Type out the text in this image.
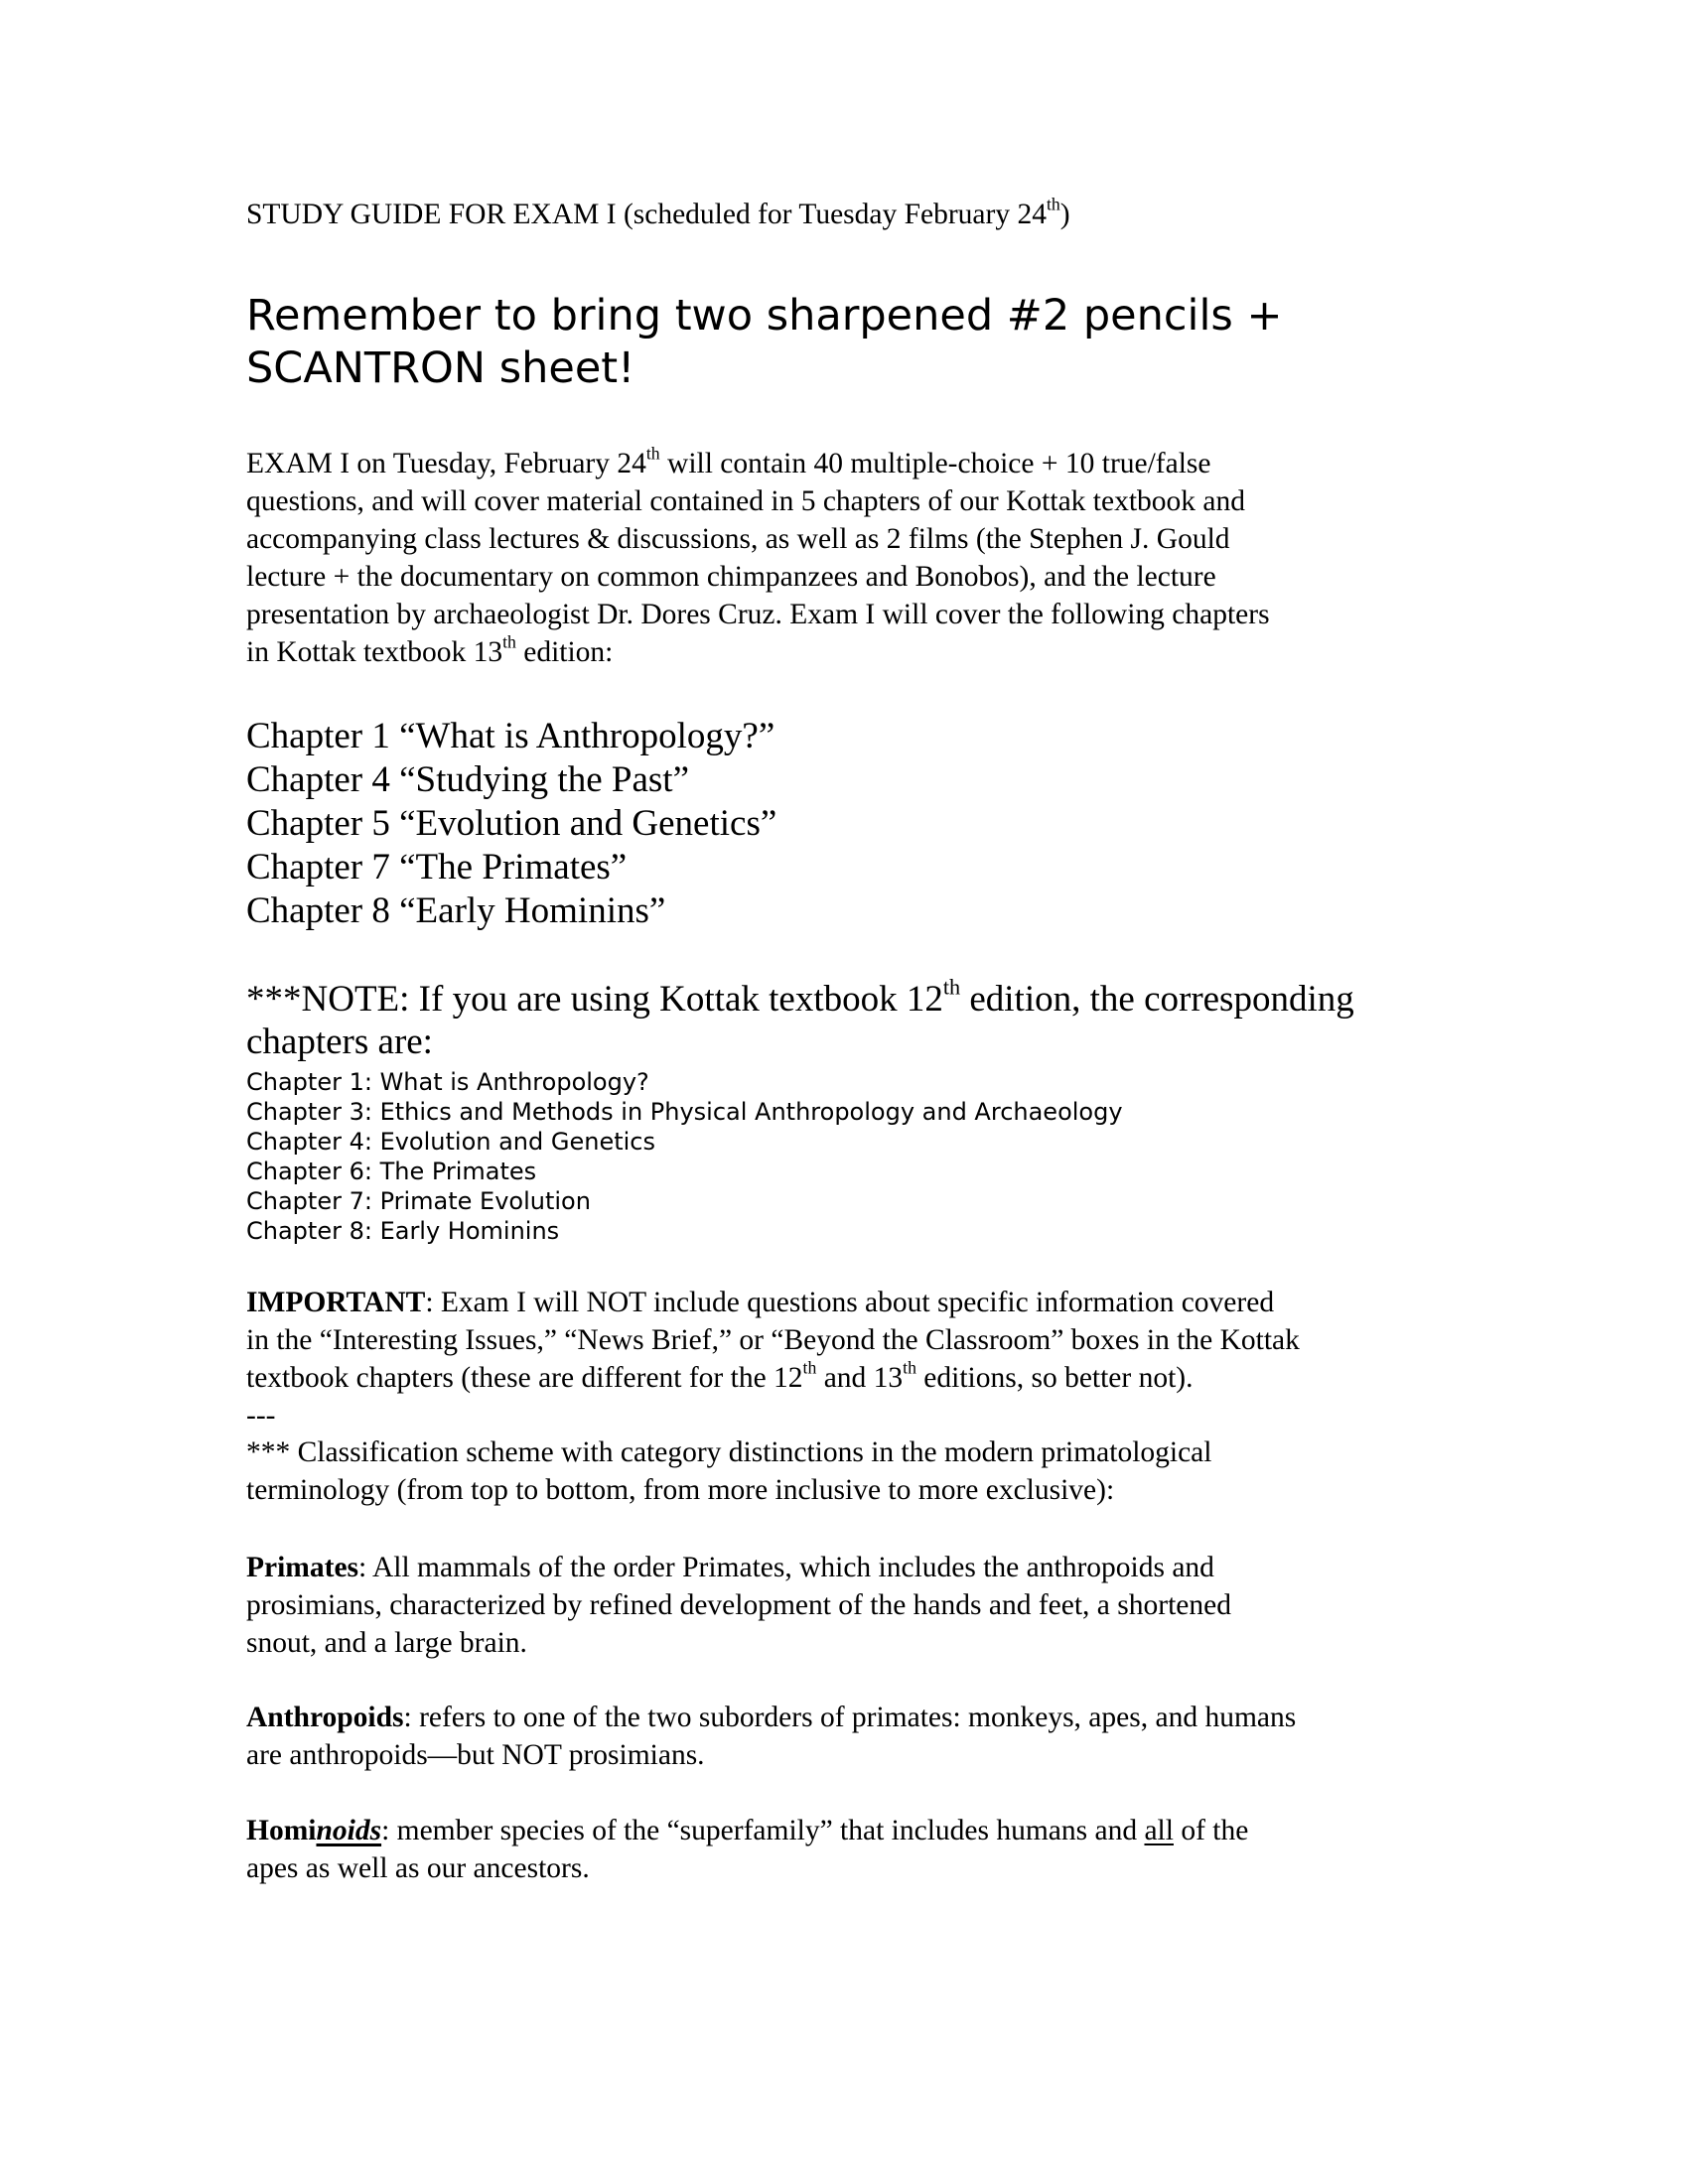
STUDY GUIDE FOR EXAM I (scheduled for Tuesday February 24th)
Remember to bring two sharpened #2 pencils +
SCANTRON sheet!
EXAM I on Tuesday, February 24th will contain 40 multiple-choice + 10 true/false
questions, and will cover material contained in 5 chapters of our Kottak textbook and
accompanying class lectures & discussions, as well as 2 films (the Stephen J. Gould
lecture + the documentary on common chimpanzees and Bonobos), and the lecture
presentation by archaeologist Dr. Dores Cruz. Exam I will cover the following chapters
in Kottak textbook 13th edition:
Chapter 1 “What is Anthropology?”
Chapter 4 “Studying the Past”
Chapter 5 “Evolution and Genetics”
Chapter 7 “The Primates”
Chapter 8 “Early Hominins”
***NOTE: If you are using Kottak textbook 12th edition, the corresponding
chapters are:
Chapter 1: What is Anthropology?
Chapter 3: Ethics and Methods in Physical Anthropology and Archaeology
Chapter 4: Evolution and Genetics
Chapter 6: The Primates
Chapter 7: Primate Evolution
Chapter 8: Early Hominins
IMPORTANT: Exam I will NOT include questions about specific information covered
in the “Interesting Issues,” “News Brief,” or “Beyond the Classroom” boxes in the Kottak
textbook chapters (these are different for the 12th and 13th editions, so better not).
---
*** Classification scheme with category distinctions in the modern primatological
terminology (from top to bottom, from more inclusive to more exclusive):
Primates: All mammals of the order Primates, which includes the anthropoids and
prosimians, characterized by refined development of the hands and feet, a shortened
snout, and a large brain.
Anthropoids: refers to one of the two suborders of primates: monkeys, apes, and humans
are anthropoids—but NOT prosimians.
Hominoids: member species of the “superfamily” that includes humans and all of the
apes as well as our ancestors.
